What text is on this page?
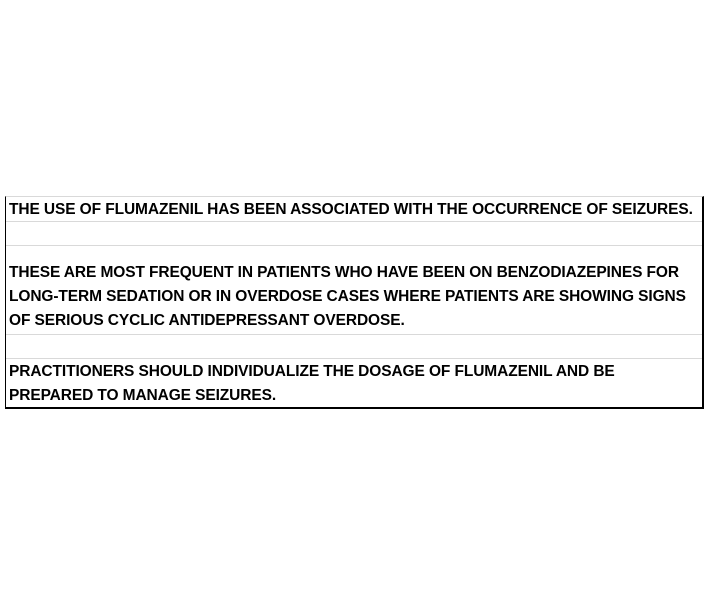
THE USE OF FLUMAZENIL HAS BEEN ASSOCIATED WITH THE OCCURRENCE OF SEIZURES.
THESE ARE MOST FREQUENT IN PATIENTS WHO HAVE BEEN ON BENZODIAZEPINES FOR LONG-TERM SEDATION OR IN OVERDOSE CASES WHERE PATIENTS ARE SHOWING SIGNS OF SERIOUS CYCLIC ANTIDEPRESSANT OVERDOSE.
PRACTITIONERS SHOULD INDIVIDUALIZE THE DOSAGE OF FLUMAZENIL AND BE PREPARED TO MANAGE SEIZURES.
